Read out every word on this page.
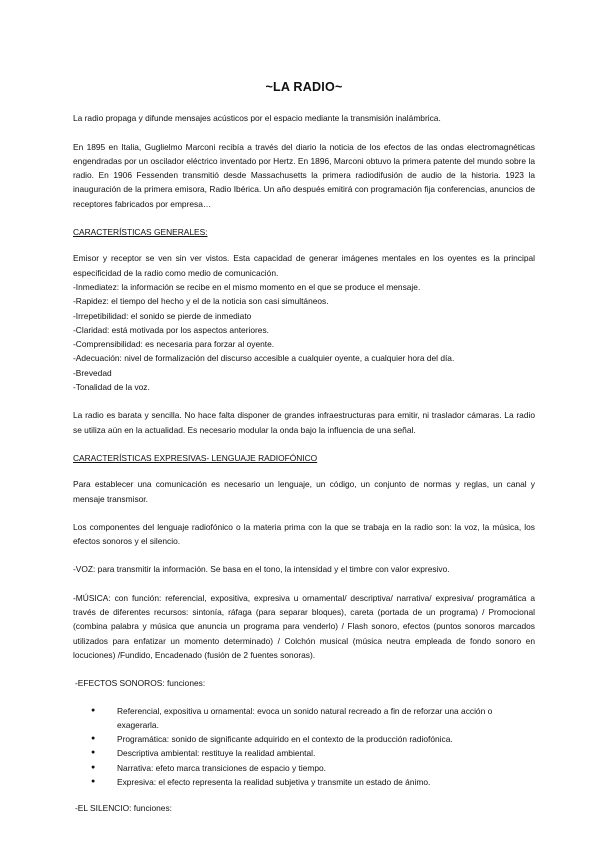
~LA RADIO~

La radio propaga y difunde mensajes acústicos por el espacio mediante la transmisión inalámbrica.

En 1895 en Italia, Guglielmo Marconi recibía a través del diario la noticia de los efectos de las ondas electromagnéticas engendradas por un oscilador eléctrico inventado por Hertz. En 1896, Marconi obtuvo la primera patente del mundo sobre la radio. En 1906 Fessenden transmitió desde Massachusetts la primera radiodifusión de audio de la historia. 1923 la inauguración de la primera emisora, Radio Ibérica. Un año después emitirá con programación fija conferencias, anuncios de receptores fabricados por empresa…

CARACTERÍSTICAS GENERALES:

Emisor y receptor se ven sin ver vistos. Esta capacidad de generar imágenes mentales en los oyentes es la principal especificidad de la radio como medio de comunicación.

-Inmediatez: la información se recibe en el mismo momento en el que se produce el mensaje.
-Rapidez: el tiempo del hecho y el de la noticia son casi simultáneos.
-Irrepetibilidad: el sonido se pierde de inmediato
-Claridad: está motivada por los aspectos anteriores.
-Comprensibilidad: es necesaria para forzar al oyente.
-Adecuación: nivel de formalización del discurso accesible a cualquier oyente, a cualquier hora del día.
-Brevedad
-Tonalidad de la voz.

La radio es barata y sencilla. No hace falta disponer de grandes infraestructuras para emitir, ni traslador cámaras. La radio se utiliza aún en la actualidad. Es necesario modular la onda bajo la influencia de una señal.

CARACTERÍSTICAS EXPRESIVAS- LENGUAJE RADIOFÓNICO

Para establecer una comunicación es necesario un lenguaje, un código, un conjunto de normas y reglas, un canal y mensaje transmisor.

Los componentes del lenguaje radiofónico o la materia prima con la que se trabaja en la radio son: la voz, la música, los efectos sonoros y el silencio.

-VOZ: para transmitir la información. Se basa en el tono, la intensidad y el timbre con valor expresivo.

-MÚSICA: con función: referencial, expositiva, expresiva u ornamental/ descriptiva/ narrativa/ expresiva/ programática a través de diferentes recursos: sintonía, ráfaga (para separar bloques), careta (portada de un programa) / Promocional (combina palabra y música que anuncia un programa para venderlo) / Flash sonoro, efectos (puntos sonoros marcados utilizados para enfatizar un momento determinado) / Colchón musical (música neutra empleada de fondo sonoro en locuciones) /Fundido, Encadenado (fusión de 2 fuentes sonoras).

-EFECTOS SONOROS: funciones:
● Referencial, expositiva u ornamental: evoca un sonido natural recreado a fin de reforzar una acción o exagerarla.
● Programática: sonido de significante adquirido en el contexto de la producción radiofónica.
● Descriptiva ambiental: restituye la realidad ambiental.
● Narrativa: efeto marca transiciones de espacio y tiempo.
● Expresiva: el efecto representa la realidad subjetiva y transmite un estado de ánimo.
-EL SILENCIO: funciones:
